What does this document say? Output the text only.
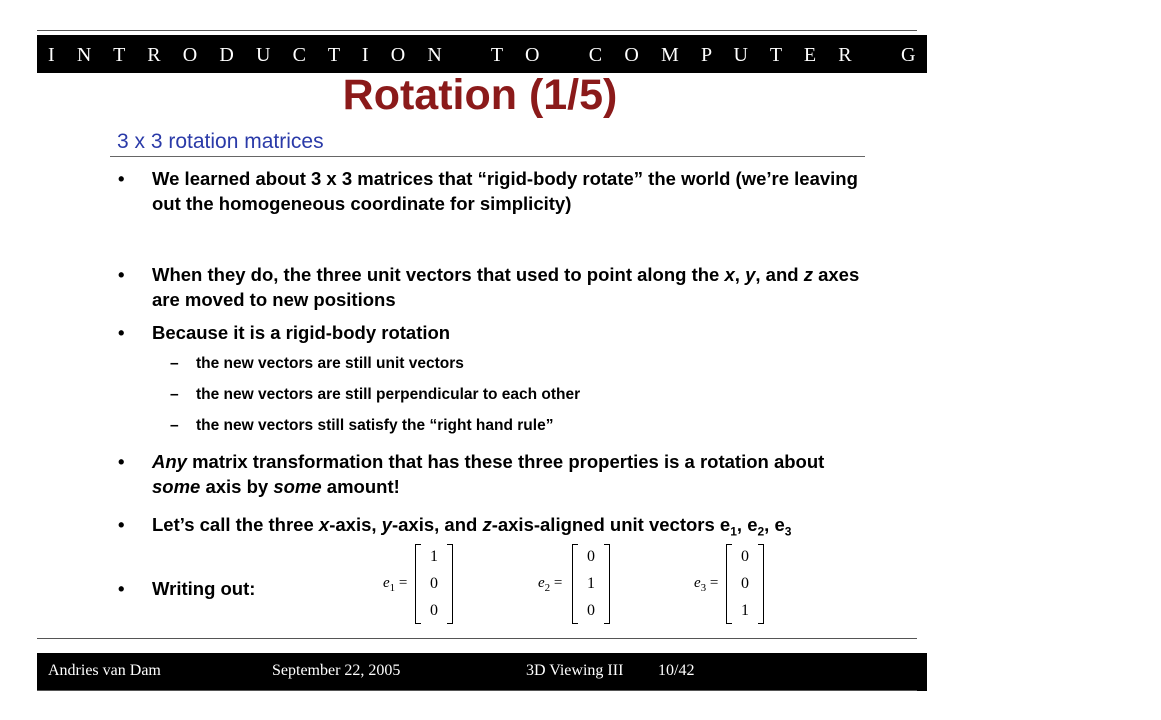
I N T R O D U C T I O N   T O   C O M P U T E R   G R A P H I C S
Rotation (1/5)
3 x 3 rotation matrices
• We learned about 3 x 3 matrices that “rigid-body rotate” the world (we’re leaving out the homogeneous coordinate for simplicity)
• When they do, the three unit vectors that used to point along the x, y, and z axes are moved to new positions
• Because it is a rigid-body rotation
– the new vectors are still unit vectors
– the new vectors are still perpendicular to each other
– the new vectors still satisfy the “right hand rule”
• Any matrix transformation that has these three properties is a rotation about some axis by some amount!
• Let’s call the three x-axis, y-axis, and z-axis-aligned unit vectors $e_1$, $e_2$, $e_3$
• Writing out:	$e_1$ =
1
0
0
$e_2$ =
0
1
0
$e_3$ =
0
0
1
Andries van Dam	September 22, 2005	3D Viewing III 10/42
